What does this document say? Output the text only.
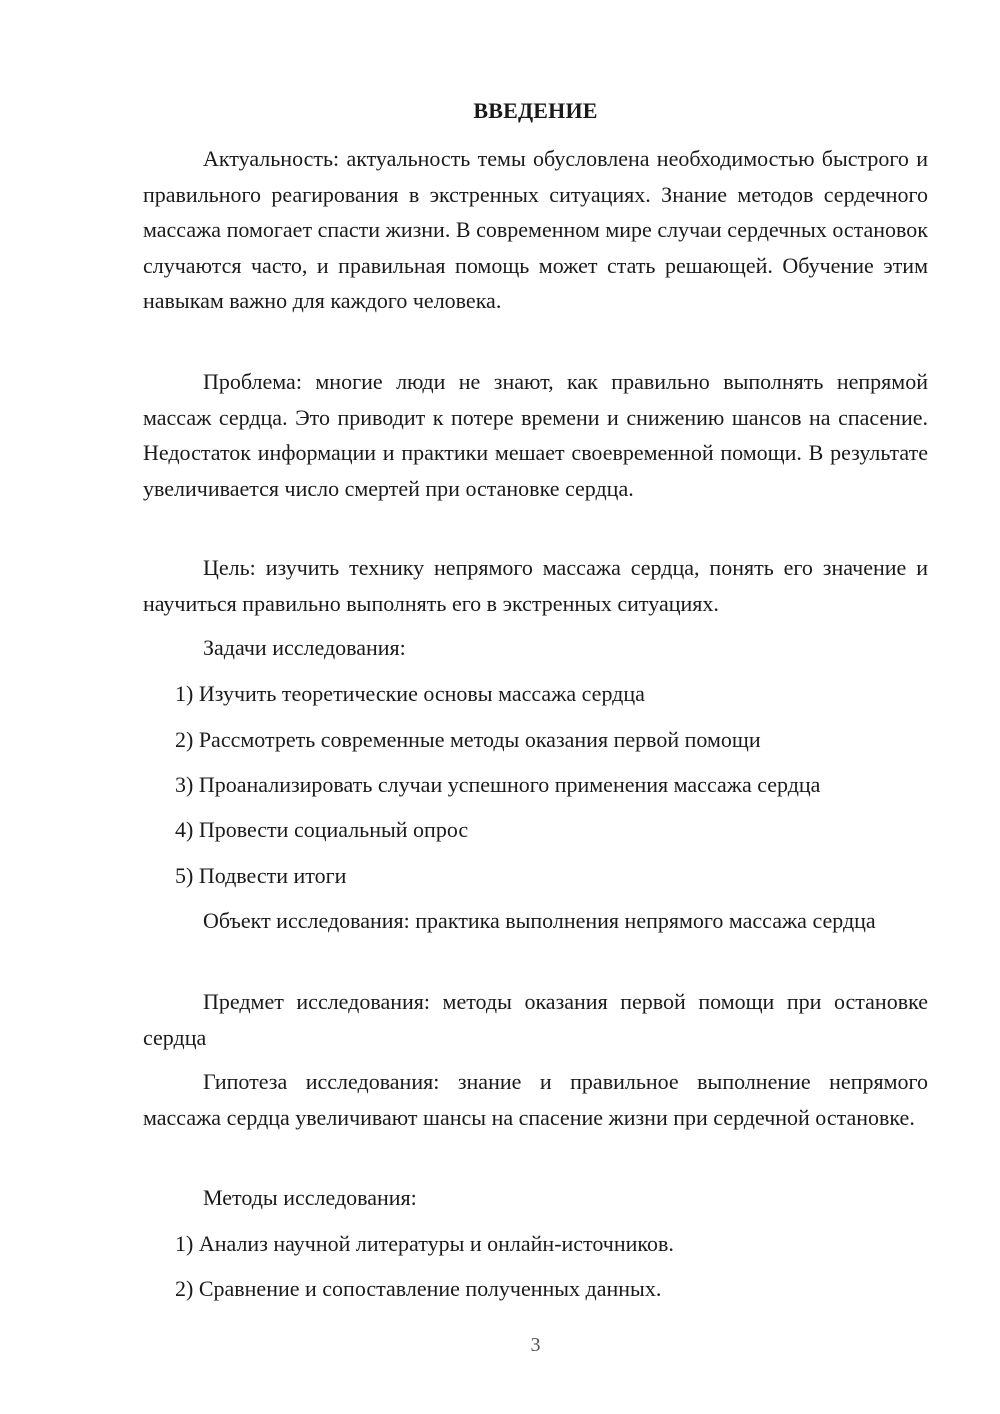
ВВЕДЕНИЕ

Актуальность: актуальность темы обусловлена необходимостью быстрого и правильного реагирования в экстренных ситуациях. Знание методов сердечного массажа помогает спасти жизни. В современном мире случаи сердечных остановок случаются часто, и правильная помощь может стать решающей. Обучение этим навыкам важно для каждого человека.

Проблема: многие люди не знают, как правильно выполнять непрямой массаж сердца. Это приводит к потере времени и снижению шансов на спасение. Недостаток информации и практики мешает своевременной помощи. В результате увеличивается число смертей при остановке сердца.

Цель: изучить технику непрямого массажа сердца, понять его значение и научиться правильно выполнять его в экстренных ситуациях.

Задачи исследования:

1) Изучить теоретические основы массажа сердца

2) Рассмотреть современные методы оказания первой помощи

3) Проанализировать случаи успешного применения массажа сердца

4) Провести социальный опрос

5) Подвести итоги

Объект исследования: практика выполнения непрямого массажа сердца

Предмет исследования: методы оказания первой помощи при остановке сердца

Гипотеза исследования: знание и правильное выполнение непрямого массажа сердца увеличивают шансы на спасение жизни при сердечной остановке.

Методы исследования:

1) Анализ научной литературы и онлайн-источников.

2) Сравнение и сопоставление полученных данных.

3
